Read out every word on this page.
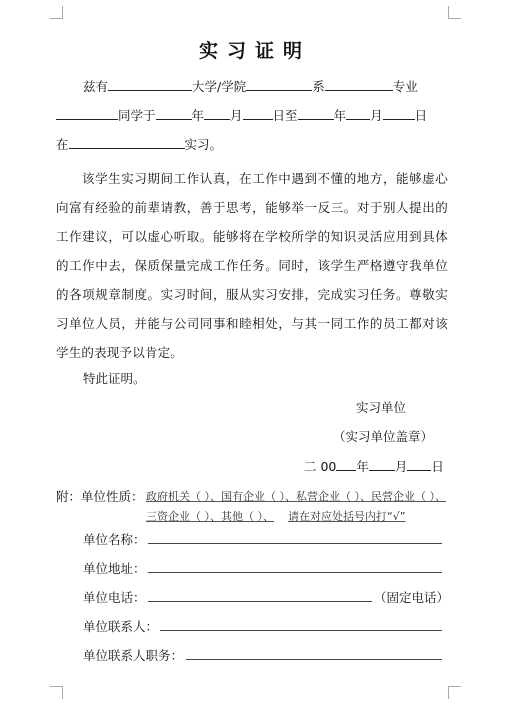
实习证明
兹有	大学/学院	系	专业
同学于	年 月 日至	年 月	日
在	实习。
该学生实习期间工作认真，在工作中遇到不懂的地方，能够虚心向富有经验的前辈请教，善于思考，能够举一反三。对于别人提出的工作建议，可以虚心听取。能够将在学校所学的知识灵活应用到具体的工作中去，保质保量完成工作任务。同时，该学生严格遵守我单位的各项规章制度。实习时间，服从实习安排，完成实习任务。尊敬实习单位人员，并能与公司同事和睦相处，与其一同工作的员工都对该学生的表现予以肯定。
特此证明。
实习单位
（实习单位盖章）
二 00 年 月 日
附：单位性质： 政府机关（ ）、国有企业（ ）、私营企业（ ）、民营企业（ ）、
三资企业（ ）、其他（ ）、 请在对应处括号内打“√”
单位名称：
单位地址：
单位电话：	（固定电话）
单位联系人：
单位联系人职务：
